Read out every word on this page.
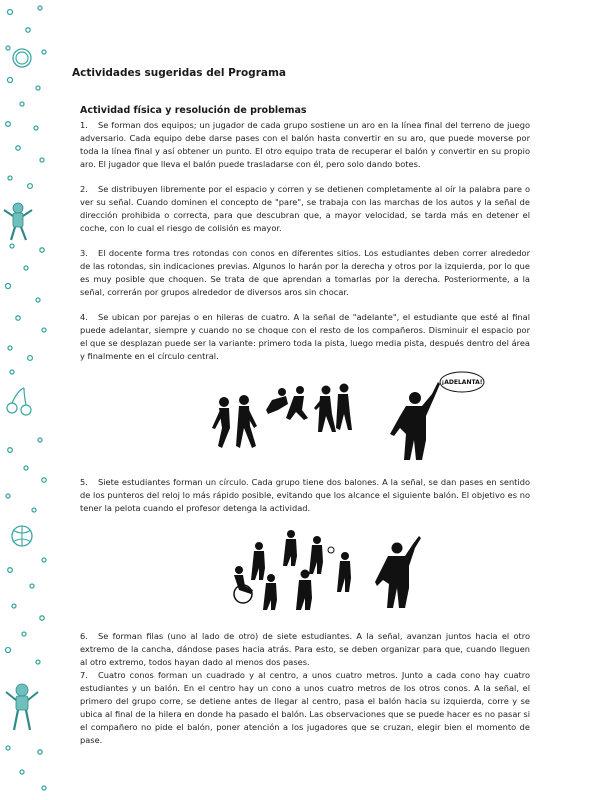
Actividades sugeridas del Programa
Actividad física y resolución de problemas

1. Se forman dos equipos; un jugador de cada grupo sostiene un aro en la línea final del terreno de juego adversario. Cada equipo debe darse pases con el balón hasta convertir en su aro, que puede moverse por toda la línea final y así obtener un punto. El otro equipo trata de recuperar el balón y convertir en su propio aro. El jugador que lleva el balón puede trasladarse con él, pero solo dando botes.

2. Se distribuyen libremente por el espacio y corren y se detienen completamente al oír la palabra pare o ver su señal. Cuando dominen el concepto de "pare", se trabaja con las marchas de los autos y la señal de dirección prohibida o correcta, para que descubran que, a mayor velocidad, se tarda más en detener el coche, con lo cual el riesgo de colisión es mayor.

3. El docente forma tres rotondas con conos en diferentes sitios. Los estudiantes deben correr alrededor de las rotondas, sin indicaciones previas. Algunos lo harán por la derecha y otros por la izquierda, por lo que es muy posible que choquen. Se trata de que aprendan a tomarlas por la derecha. Posteriormente, a la señal, correrán por grupos alrededor de diversos aros sin chocar.

4. Se ubican por parejas o en hileras de cuatro. A la señal de "adelante", el estudiante que esté al final puede adelantar, siempre y cuando no se choque con el resto de los compañeros. Disminuir el espacio por el que se desplazan puede ser la variante: primero toda la pista, luego media pista, después dentro del área y finalmente en el círculo central.

¡ADELANTA!

5. Siete estudiantes forman un círculo. Cada grupo tiene dos balones. A la señal, se dan pases en sentido de los punteros del reloj lo más rápido posible, evitando que los alcance el siguiente balón. El objetivo es no tener la pelota cuando el profesor detenga la actividad.

6. Se forman filas (uno al lado de otro) de siete estudiantes. A la señal, avanzan juntos hacia el otro extremo de la cancha, dándose pases hacia atrás. Para esto, se deben organizar para que, cuando lleguen al otro extremo, todos hayan dado al menos dos pases.

7. Cuatro conos forman un cuadrado y al centro, a unos cuatro metros. Junto a cada cono hay cuatro estudiantes y un balón. En el centro hay un cono a unos cuatro metros de los otros conos. A la señal, el primero del grupo corre, se detiene antes de llegar al centro, pasa el balón hacia su izquierda, corre y se ubica al final de la hilera en donde ha pasado el balón. Las observaciones que se puede hacer es no pasar si el compañero no pide el balón, poner atención a los jugadores que se cruzan, elegir bien el momento de pase.
